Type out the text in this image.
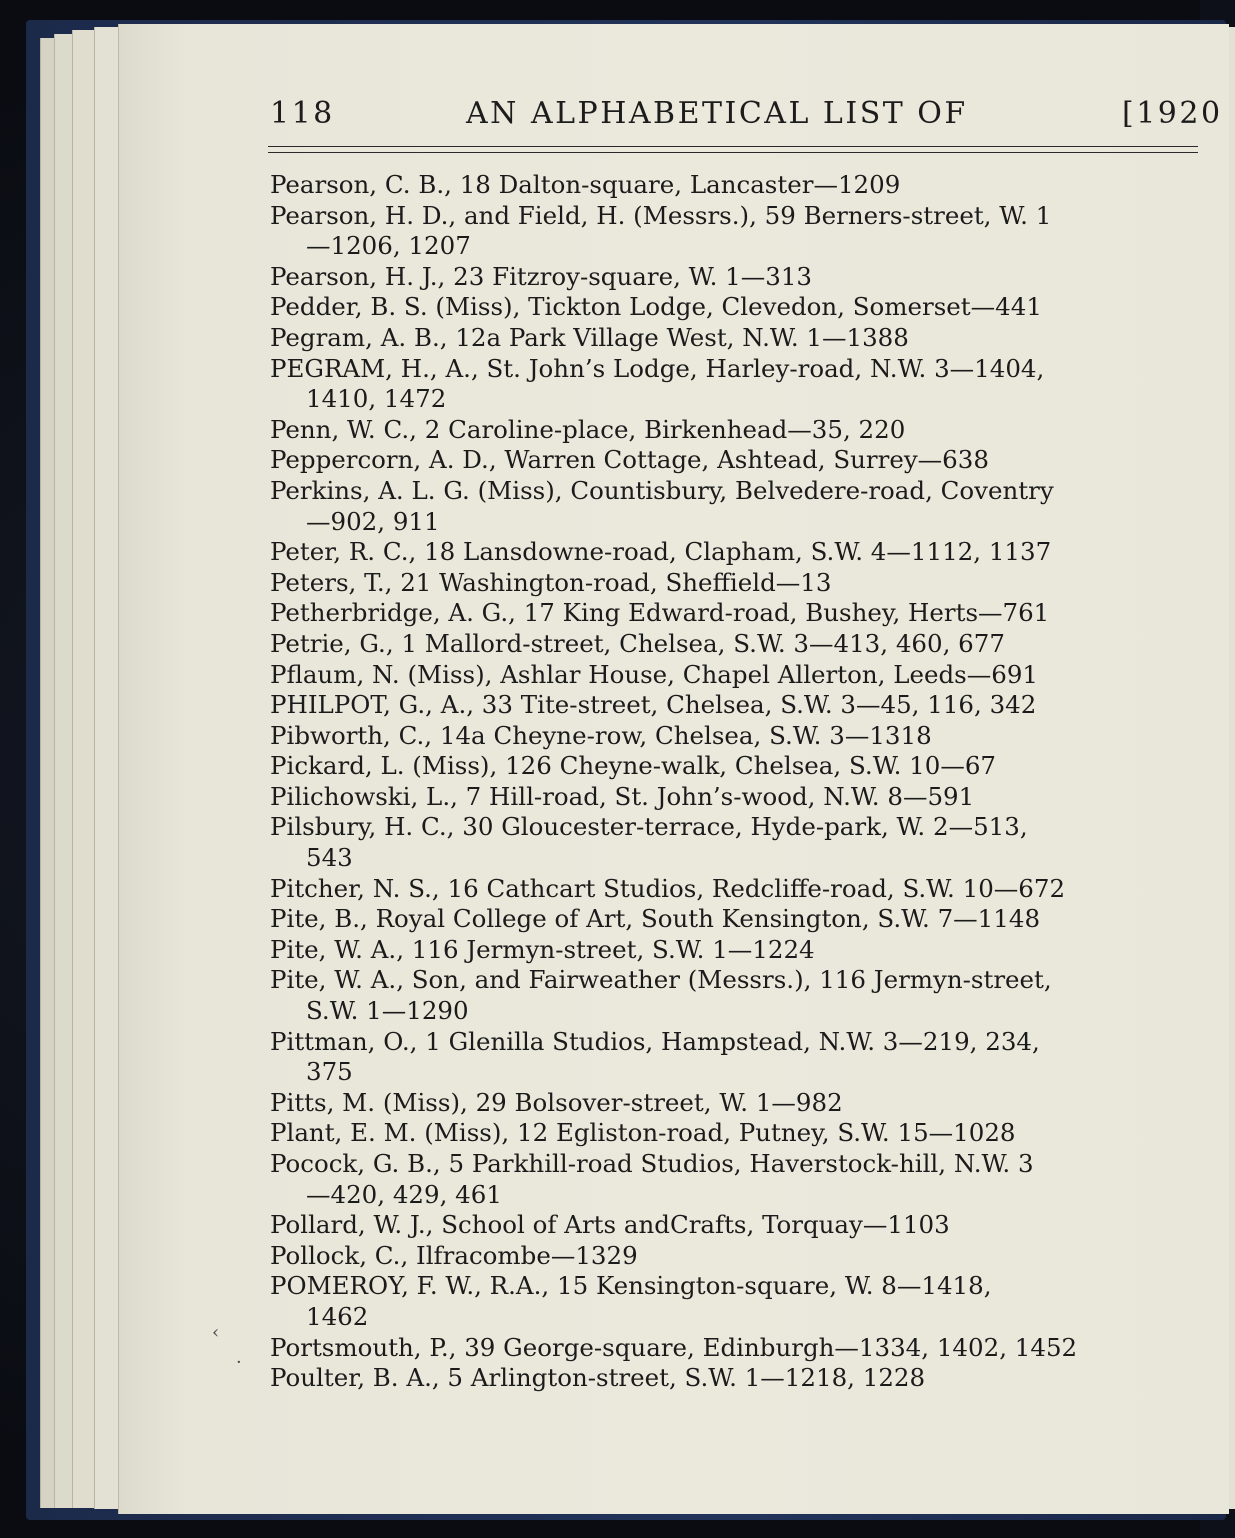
118	AN ALPHABETICAL LIST OF	[1920
Pearson, C. B., 18 Dalton-square, Lancaster—1209
Pearson, H. D., and Field, H. (Messrs.), 59 Berners-street, W. 1
—1206, 1207
Pearson, H. J., 23 Fitzroy-square, W. 1—313
Pedder, B. S. (Miss), Tickton Lodge, Clevedon, Somerset—441
Pegram, A. B., 12a Park Village West, N.W. 1—1388
PEGRAM, H., A., St. John’s Lodge, Harley-road, N.W. 3—1404,
1410, 1472
Penn, W. C., 2 Caroline-place, Birkenhead—35, 220
Peppercorn, A. D., Warren Cottage, Ashtead, Surrey—638
Perkins, A. L. G. (Miss), Countisbury, Belvedere-road, Coventry
—902, 911
Peter, R. C., 18 Lansdowne-road, Clapham, S.W. 4—1112, 1137
Peters, T., 21 Washington-road, Sheffield—13
Petherbridge, A. G., 17 King Edward-road, Bushey, Herts—761
Petrie, G., 1 Mallord-street, Chelsea, S.W. 3—413, 460, 677
Pflaum, N. (Miss), Ashlar House, Chapel Allerton, Leeds—691
PHILPOT, G., A., 33 Tite-street, Chelsea, S.W. 3—45, 116, 342
Pibworth, C., 14a Cheyne-row, Chelsea, S.W. 3—1318
Pickard, L. (Miss), 126 Cheyne-walk, Chelsea, S.W. 10—67
Pilichowski, L., 7 Hill-road, St. John’s-wood, N.W. 8—591
Pilsbury, H. C., 30 Gloucester-terrace, Hyde-park, W. 2—513,
543
Pitcher, N. S., 16 Cathcart Studios, Redcliffe-road, S.W. 10—672
Pite, B., Royal College of Art, South Kensington, S.W. 7—1148
Pite, W. A., 116 Jermyn-street, S.W. 1—1224
Pite, W. A., Son, and Fairweather (Messrs.), 116 Jermyn-street,
S.W. 1—1290
Pittman, O., 1 Glenilla Studios, Hampstead, N.W. 3—219, 234,
375
Pitts, M. (Miss), 29 Bolsover-street, W. 1—982
Plant, E. M. (Miss), 12 Egliston-road, Putney, S.W. 15—1028
Pocock, G. B., 5 Parkhill-road Studios, Haverstock-hill, N.W. 3
—420, 429, 461
Pollard, W. J., School of Arts andCrafts, Torquay—1103
Pollock, C., Ilfracombe—1329
POMEROY, F. W., R.A., 15 Kensington-square, W. 8—1418,
1462
Portsmouth, P., 39 George-square, Edinburgh—1334, 1402, 1452
Poulter, B. A., 5 Arlington-street, S.W. 1—1218, 1228
‹
·
